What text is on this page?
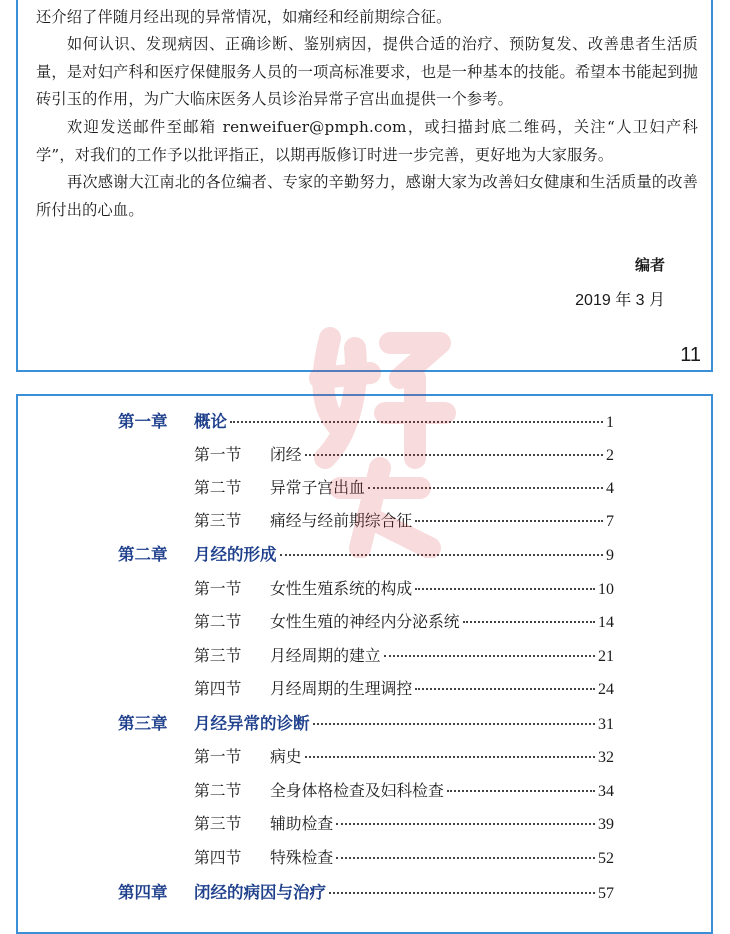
还介绍了伴随月经出现的异常情况，如痛经和经前期综合征。

如何认识、发现病因、正确诊断、鉴别病因，提供合适的治疗、预防复发、改善患者生活质量，是对妇产科和医疗保健服务人员的一项高标准要求，也是一种基本的技能。希望本书能起到抛砖引玉的作用，为广大临床医务人员诊治异常子宫出血提供一个参考。

欢迎发送邮件至邮箱 renweifuer@pmph.com，或扫描封底二维码，关注“人卫妇产科学”，对我们的工作予以批评指正，以期再版修订时进一步完善，更好地为大家服务。

再次感谢大江南北的各位编者、专家的辛勤努力，感谢大家为改善妇女健康和生活质量的改善所付出的心血。

编者
2019 年 3 月
11
第一章	概论	1
第一节	闭经	2
第二节	异常子宫出血	4
第三节	痛经与经前期综合征	7
第二章	月经的形成	9
第一节	女性生殖系统的构成	10
第二节	女性生殖的神经内分泌系统	14
第三节	月经周期的建立	21
第四节	月经周期的生理调控	24
第三章	月经异常的诊断	31
第一节	病史	32
第二节	全身体格检查及妇科检查	34
第三节	辅助检查	39
第四节	特殊检查	52
第四章	闭经的病因与治疗	57
